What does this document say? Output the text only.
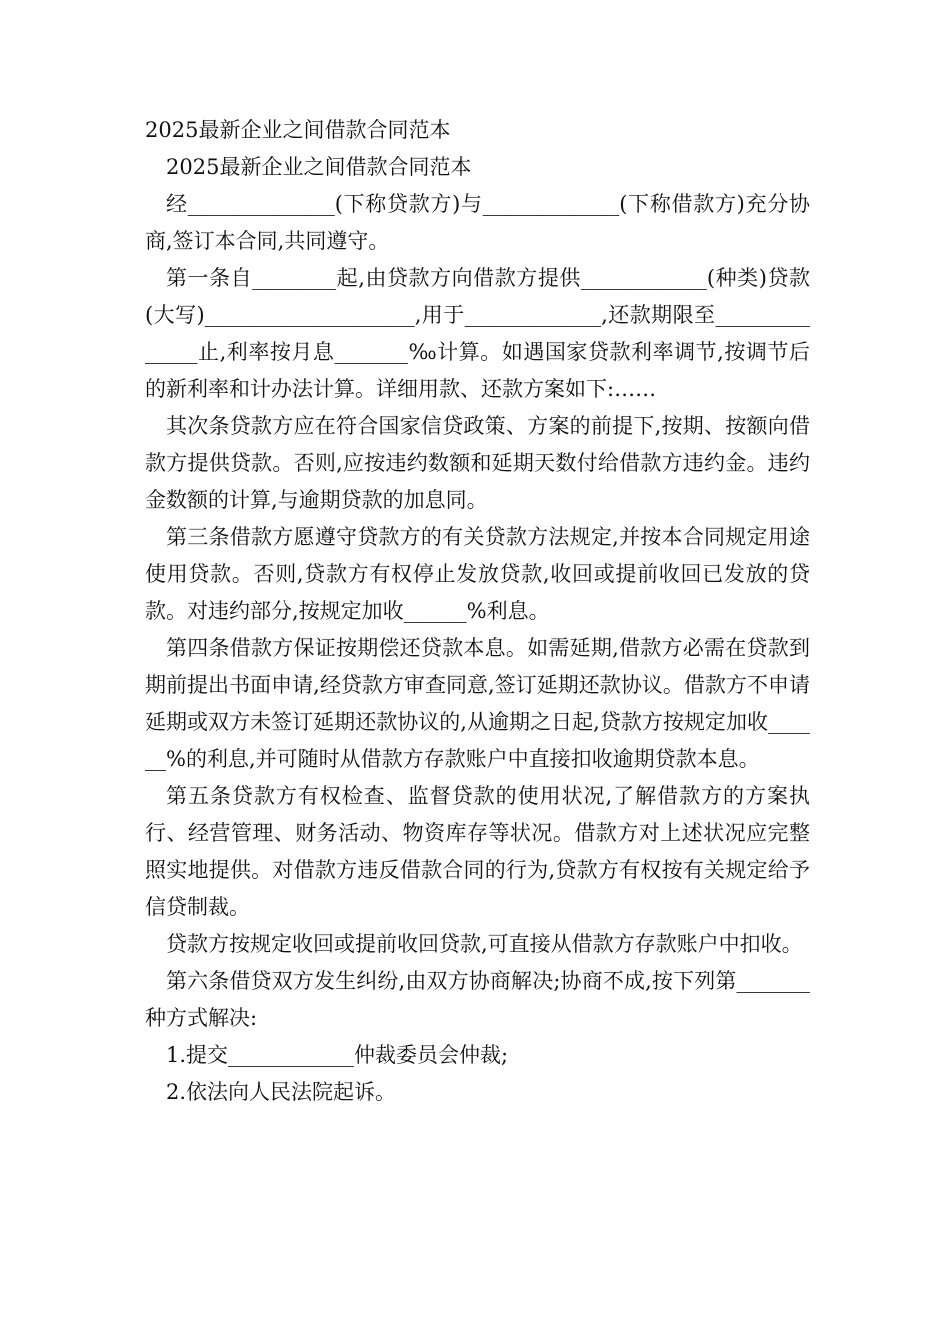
2025最新企业之间借款合同范本

2025最新企业之间借款合同范本

经______________(下称贷款方)与_____________(下称借款方)充分协商,签订本合同,共同遵守。

第一条自________起,由贷款方向借款方提供____________(种类)贷款(大写)____________________,用于_____________,还款期限至______________止,利率按月息_______‰计算。如遇国家贷款利率调节,按调节后的新利率和计办法计算。详细用款、还款方案如下:……

其次条贷款方应在符合国家信贷政策、方案的前提下,按期、按额向借款方提供贷款。否则,应按违约数额和延期天数付给借款方违约金。违约金数额的计算,与逾期贷款的加息同。

第三条借款方愿遵守贷款方的有关贷款方法规定,并按本合同规定用途使用贷款。否则,贷款方有权停止发放贷款,收回或提前收回已发放的贷款。对违约部分,按规定加收______%利息。

第四条借款方保证按期偿还贷款本息。如需延期,借款方必需在贷款到期前提出书面申请,经贷款方审查同意,签订延期还款协议。借款方不申请延期或双方未签订延期还款协议的,从逾期之日起,贷款方按规定加收______%的利息,并可随时从借款方存款账户中直接扣收逾期贷款本息。

第五条贷款方有权检查、监督贷款的使用状况,了解借款方的方案执行、经营管理、财务活动、物资库存等状况。借款方对上述状况应完整照实地提供。对借款方违反借款合同的行为,贷款方有权按有关规定给予信贷制裁。

贷款方按规定收回或提前收回贷款,可直接从借款方存款账户中扣收。

第六条借贷双方发生纠纷,由双方协商解决;协商不成,按下列第_______种方式解决:

1.提交____________仲裁委员会仲裁;

2.依法向人民法院起诉。
